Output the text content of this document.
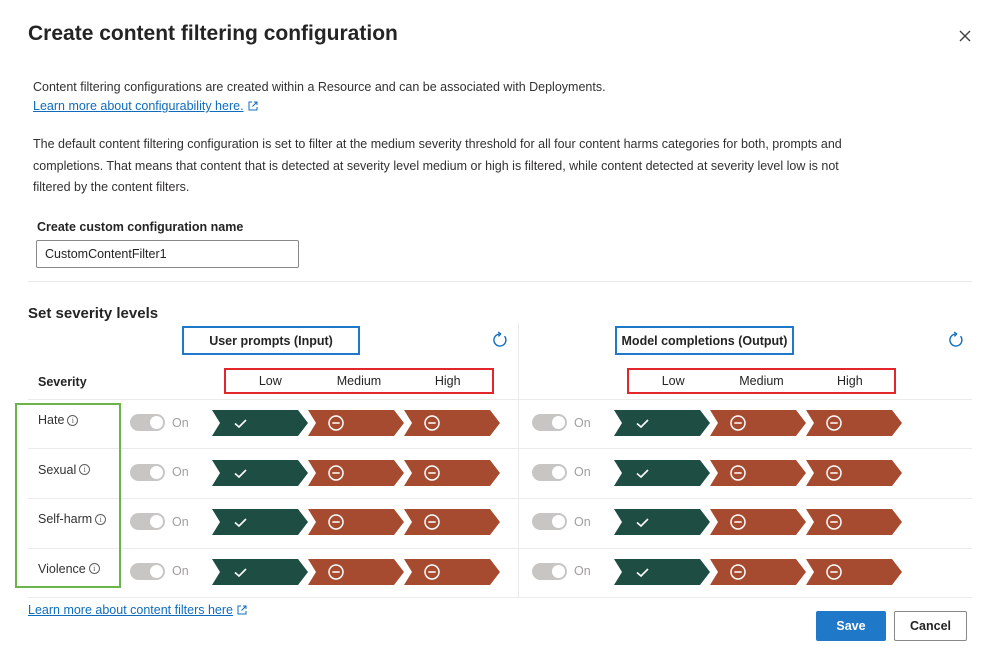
Create content filtering configuration
Content filtering configurations are created within a Resource and can be associated with Deployments.
Learn more about configurability here.
The default content filtering configuration is set to filter at the medium severity threshold for all four content harms categories for both, prompts and completions. That means that content that is detected at severity level medium or high is filtered, while content detected at severity level low is not filtered by the content filters.
Create custom configuration name
CustomContentFilter1
Set severity levels
User prompts (Input)	Model completions (Output)
Severity	Low	Medium	High	Low	Medium	High
Hate i	On	On
Sexual i	On	On
Self-harm i	On	On
Violence i	On	On
Learn more about content filters here
Save	Cancel
